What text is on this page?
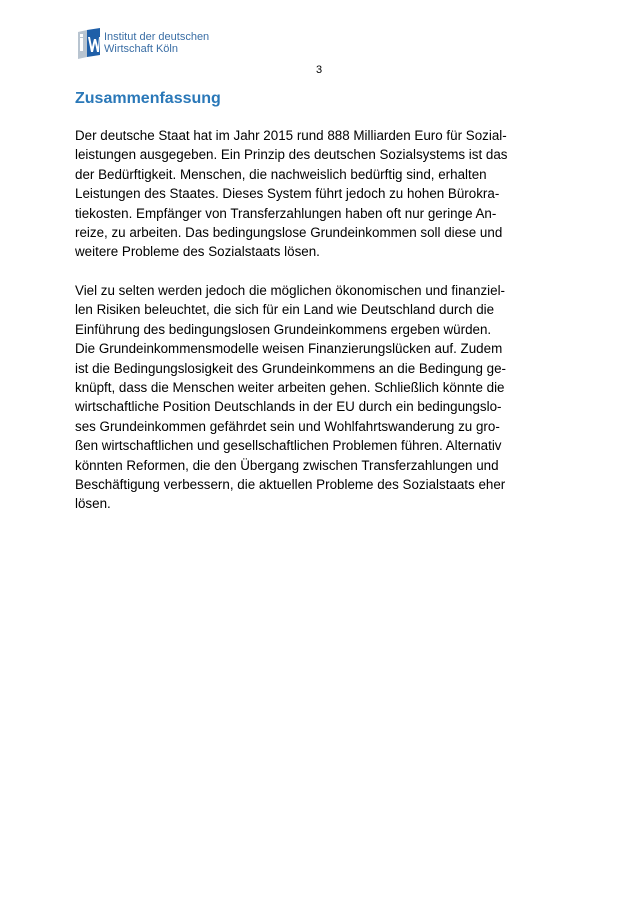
Institut der deutschen
Wirtschaft Köln
3
Zusammenfassung
Der deutsche Staat hat im Jahr 2015 rund 888 Milliarden Euro für Sozial-
leistungen ausgegeben. Ein Prinzip des deutschen Sozialsystems ist das
der Bedürftigkeit. Menschen, die nachweislich bedürftig sind, erhalten
Leistungen des Staates. Dieses System führt jedoch zu hohen Bürokra-
tiekosten. Empfänger von Transferzahlungen haben oft nur geringe An-
reize, zu arbeiten. Das bedingungslose Grundeinkommen soll diese und
weitere Probleme des Sozialstaats lösen.
Viel zu selten werden jedoch die möglichen ökonomischen und finanziel-
len Risiken beleuchtet, die sich für ein Land wie Deutschland durch die
Einführung des bedingungslosen Grundeinkommens ergeben würden.
Die Grundeinkommensmodelle weisen Finanzierungslücken auf. Zudem
ist die Bedingungslosigkeit des Grundeinkommens an die Bedingung ge-
knüpft, dass die Menschen weiter arbeiten gehen. Schließlich könnte die
wirtschaftliche Position Deutschlands in der EU durch ein bedingungslo-
ses Grundeinkommen gefährdet sein und Wohlfahrtswanderung zu gro-
ßen wirtschaftlichen und gesellschaftlichen Problemen führen. Alternativ
könnten Reformen, die den Übergang zwischen Transferzahlungen und
Beschäftigung verbessern, die aktuellen Probleme des Sozialstaats eher
lösen.
